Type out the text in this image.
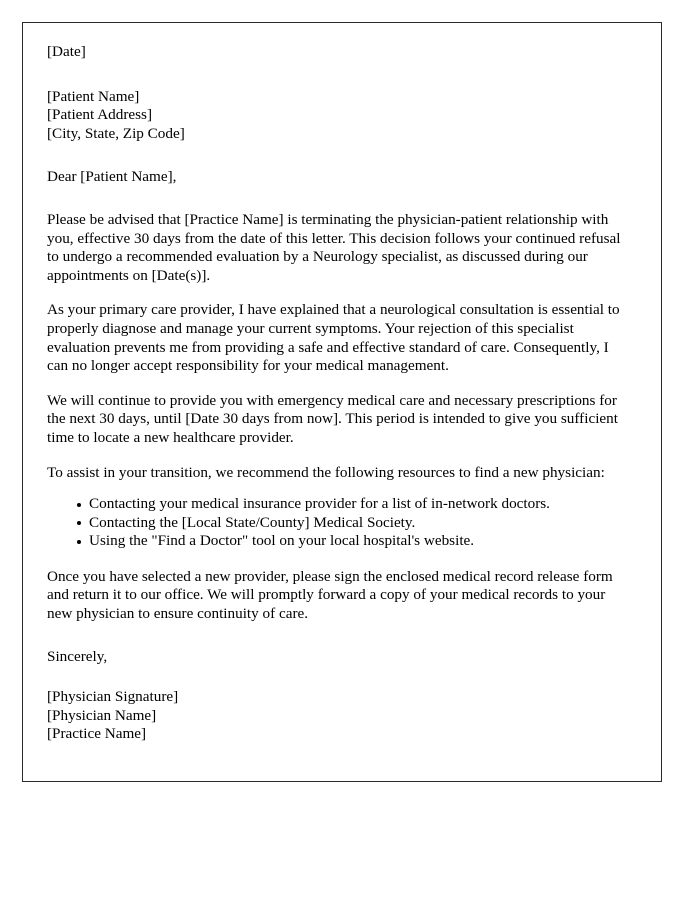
[Date]
[Patient Name]
[Patient Address]
[City, State, Zip Code]
Dear [Patient Name],

Please be advised that [Practice Name] is terminating the physician-patient relationship with you, effective 30 days from the date of this letter. This decision follows your continued refusal to undergo a recommended evaluation by a Neurology specialist, as discussed during our appointments on [Date(s)].

As your primary care provider, I have explained that a neurological consultation is essential to properly diagnose and manage your current symptoms. Your rejection of this specialist evaluation prevents me from providing a safe and effective standard of care. Consequently, I can no longer accept responsibility for your medical management.

We will continue to provide you with emergency medical care and necessary prescriptions for the next 30 days, until [Date 30 days from now]. This period is intended to give you sufficient time to locate a new healthcare provider.

To assist in your transition, we recommend the following resources to find a new physician:

Contacting your medical insurance provider for a list of in-network doctors.
Contacting the [Local State/County] Medical Society.
Using the "Find a Doctor" tool on your local hospital's website.

Once you have selected a new provider, please sign the enclosed medical record release form and return it to our office. We will promptly forward a copy of your medical records to your new physician to ensure continuity of care.

Sincerely,
[Physician Signature]
[Physician Name]
[Practice Name]
